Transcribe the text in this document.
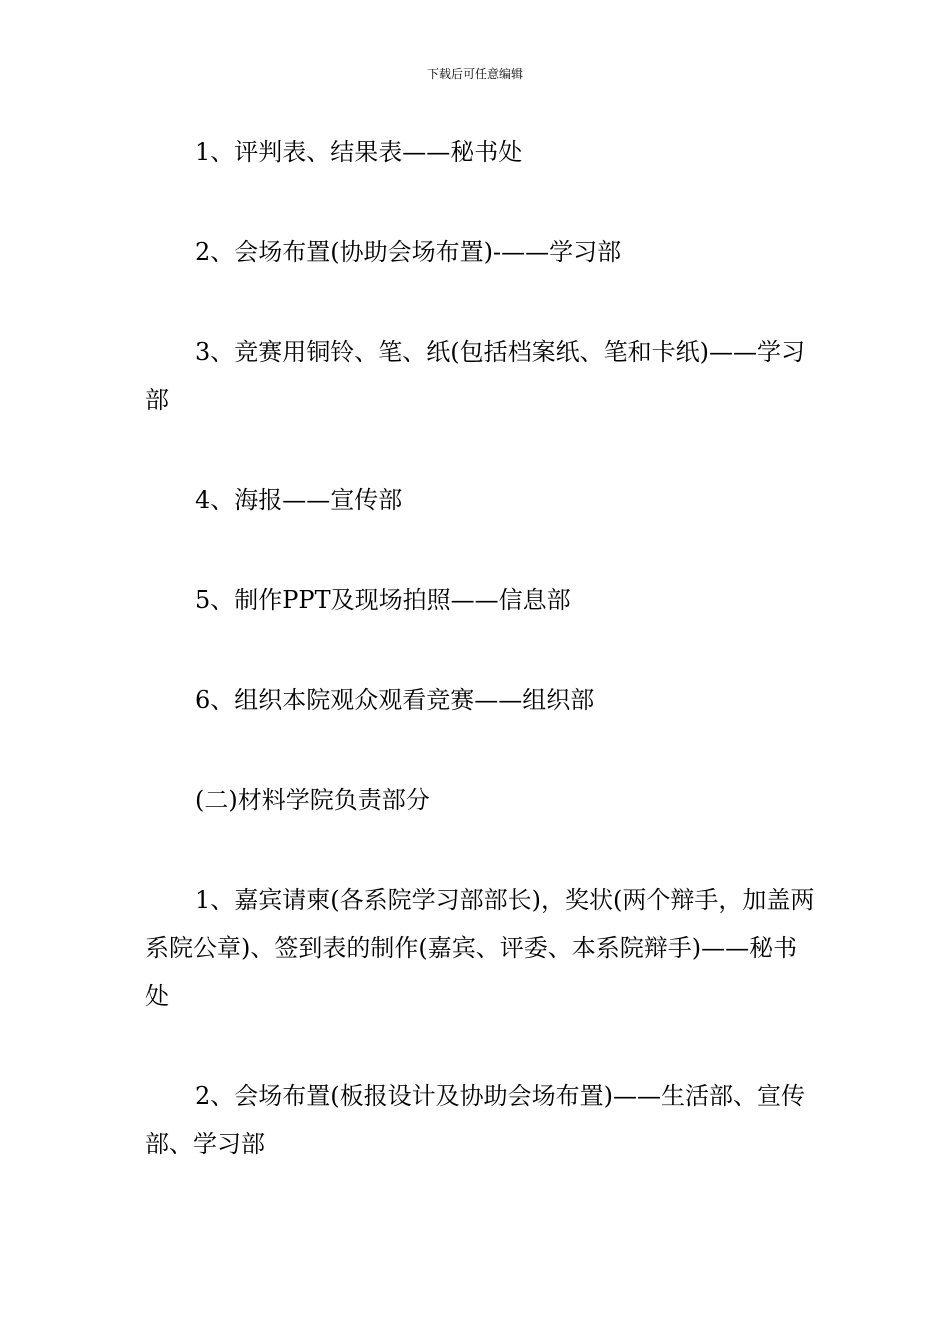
下载后可任意编辑

1、评判表、结果表——秘书处

2、会场布置(协助会场布置)-——学习部

3、竞赛用铜铃、笔、纸(包括档案纸、笔和卡纸)——学习部

4、海报——宣传部

5、制作PPT及现场拍照——信息部

6、组织本院观众观看竞赛——组织部

(二)材料学院负责部分

1、嘉宾请柬(各系院学习部部长)，奖状(两个辩手，加盖两系院公章)、签到表的制作(嘉宾、评委、本系院辩手)——秘书处

2、会场布置(板报设计及协助会场布置)——生活部、宣传部、学习部
